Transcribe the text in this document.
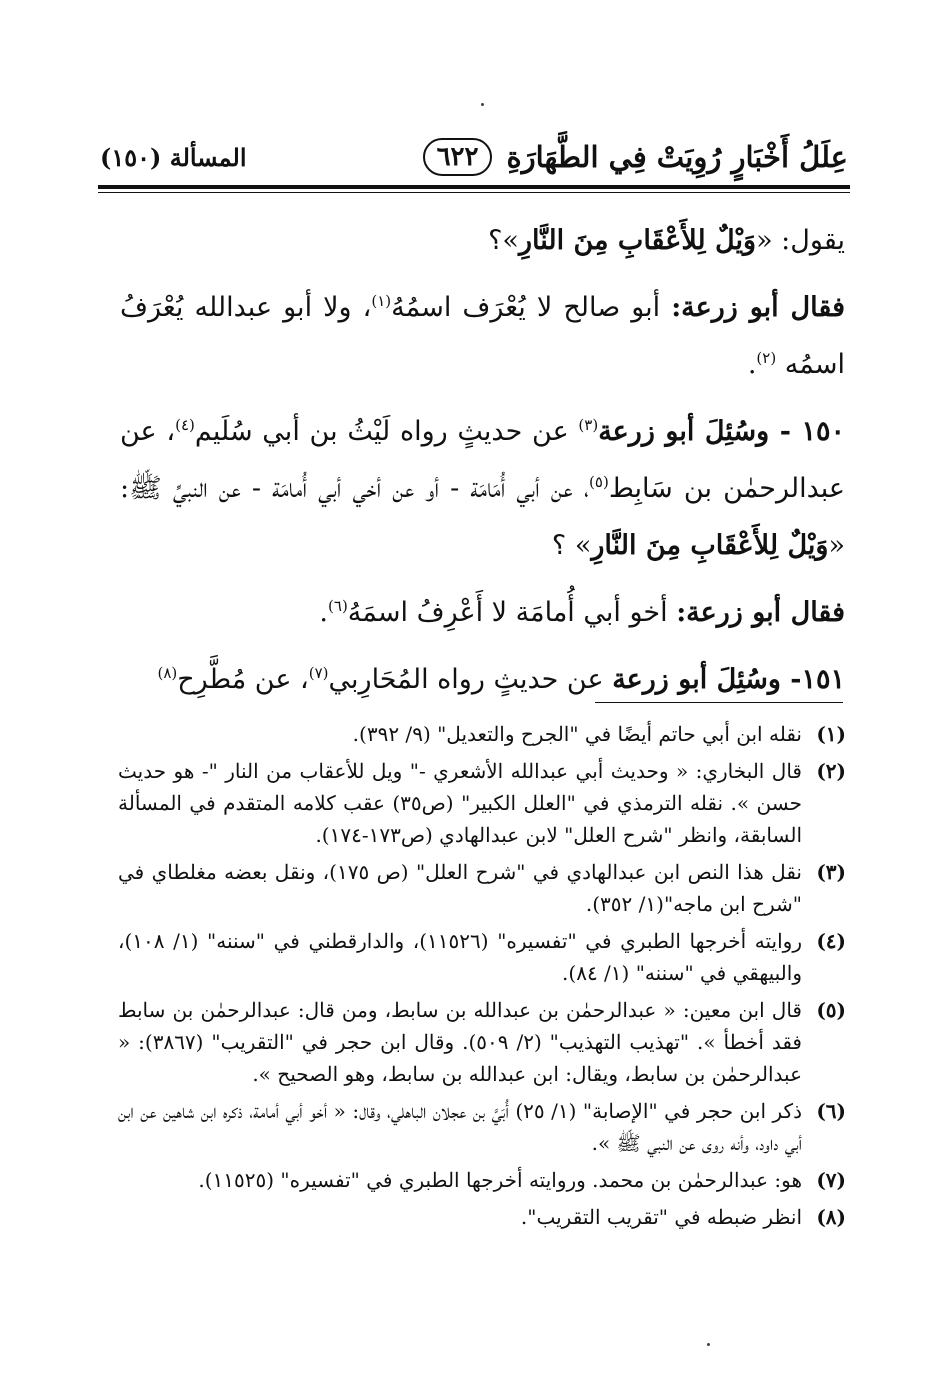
٦٢٢ عِلَلُ أَخْبَارٍ رُوِيَتْ فِي الطَّهَارَةِ
المسألة (١٥٠)

يقول: «وَيْلٌ لِلأَعْقَابِ مِنَ النَّارِ»؟

فقال أبو زرعة: أبو صالح لا يُعْرَف اسمُهُ$^{(١)}$، ولا أبو عبدالله يُعْرَفُ اسمُه $^{(٢)}$.

١٥٠ - وسُئِلَ أبو زرعة$^{(٣)}$ عن حديثٍ رواه لَيْثُ بن أبي سُلَيم$^{(٤)}$، عن عبدالرحمٰن بن سَابِط$^{(٥)}$، عن أبي أُمَامَة - أو عن أخي أبي أُمامَة - عن النبيِّ ﷺ: «وَيْلٌ لِلأَعْقَابِ مِنَ النَّارِ» ؟

فقال أبو زرعة: أخو أبي أُمامَة لا أَعْرِفُ اسمَهُ$^{(٦)}$.

١٥١- وسُئِلَ أبو زرعة عن حديثٍ رواه المُحَارِبي$^{(٧)}$، عن مُطَّرِح$^{(٨)}$

(١)
نقله ابن أبي حاتم أيضًا في "الجرح والتعديل" (٩/ ٣٩٢).
(٢)
قال البخاري: « وحديث أبي عبدالله الأشعري -" ويل للأعقاب من النار "- هو حديث حسن ». نقله الترمذي في "العلل الكبير" (ص٣٥) عقب كلامه المتقدم في المسألة السابقة، وانظر "شرح العلل" لابن عبدالهادي (ص١٧٣-١٧٤).
(٣)
نقل هذا النص ابن عبدالهادي في "شرح العلل" (ص ١٧٥)، ونقل بعضه مغلطاي في "شرح ابن ماجه"(١/ ٣٥٢).
(٤)
روايته أخرجها الطبري في "تفسيره" (١١٥٢٦)، والدارقطني في "سننه" (١/ ١٠٨)، والبيهقي في "سننه" (١/ ٨٤).
(٥)
قال ابن معين: « عبدالرحمٰن بن عبدالله بن سابط، ومن قال: عبدالرحمٰن بن سابط فقد أخطأ ». "تهذيب التهذيب" (٢/ ٥٠٩). وقال ابن حجر في "التقريب" (٣٨٦٧): « عبدالرحمٰن بن سابط، ويقال: ابن عبدالله بن سابط، وهو الصحيح ».
(٦)
ذكر ابن حجر في "الإصابة" (١/ ٢٥) أُبَيَّ بن عجلان الباهلي، وقال: « أخو أبي أمامة، ذكره ابن شاهين عن ابن أبي داود، وأنه روى عن النبي ﷺ ».
(٧)
هو: عبدالرحمٰن بن محمد. وروايته أخرجها الطبري في "تفسيره" (١١٥٢٥).
(٨)
انظر ضبطه في "تقريب التقريب".
